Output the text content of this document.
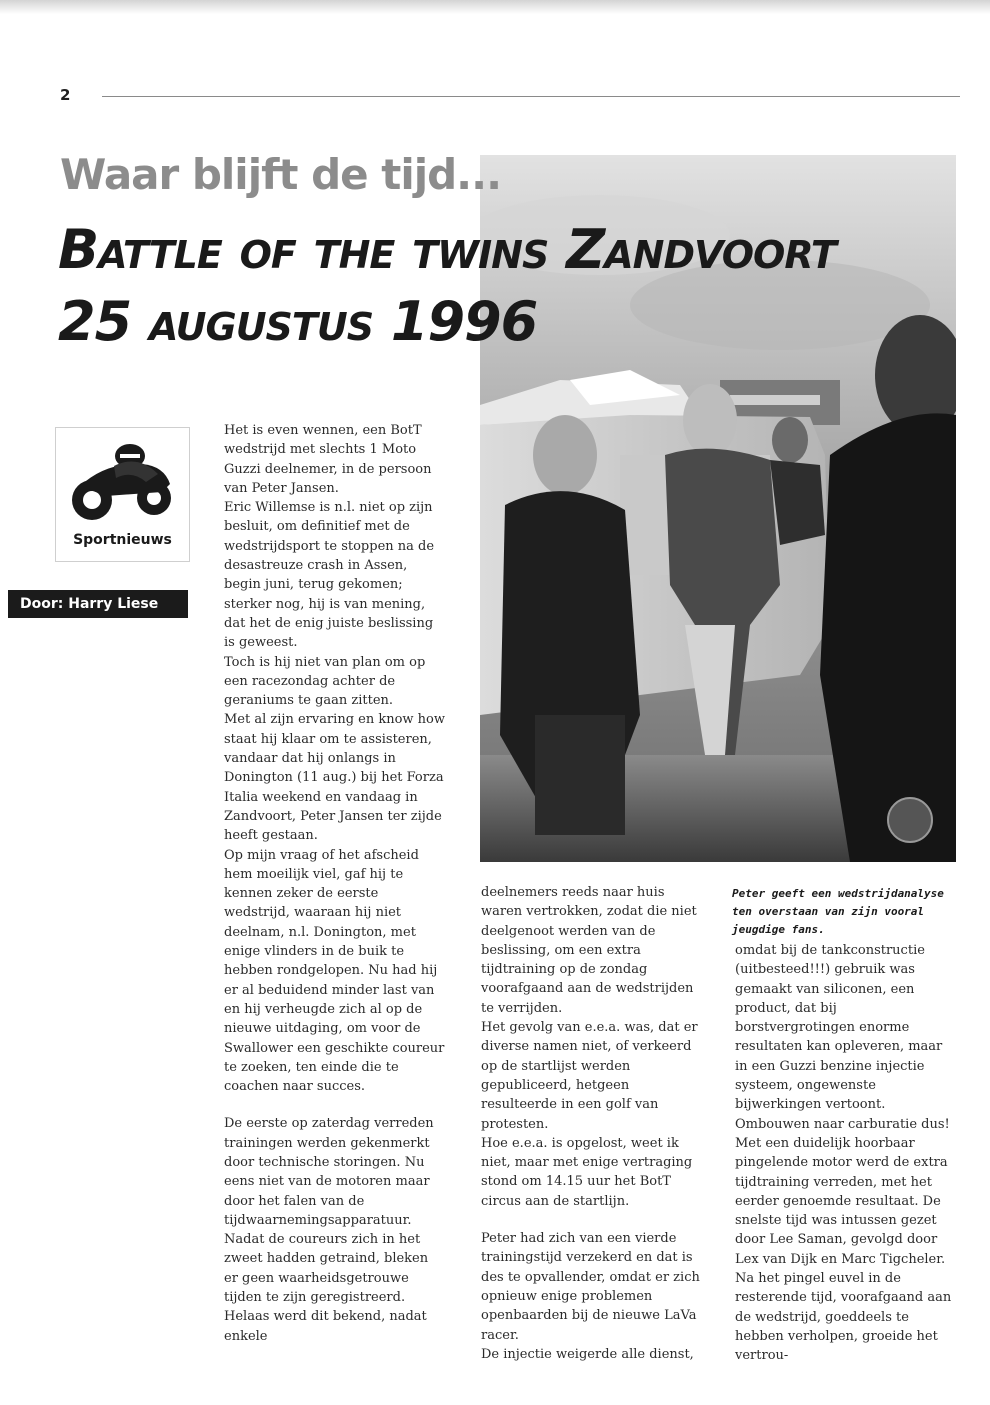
2
Waar blijft de tijd...
Battle of the twins Zandvoort
25 augustus 1996
Sportnieuws
Door: Harry Liese

Het is even wennen, een BotT wedstrijd met slechts 1 Moto Guzzi deelnemer, in de persoon van Peter Jansen.

Eric Willemse is n.l. niet op zijn besluit, om definitief met de wedstrijdsport te stoppen na de desastreuze crash in Assen, begin juni, terug gekomen; sterker nog, hij is van mening, dat het de enig juiste beslissing is geweest.

Toch is hij niet van plan om op een racezondag achter de geraniums te gaan zitten.

Met al zijn ervaring en know how staat hij klaar om te assisteren, vandaar dat hij onlangs in Donington (11 aug.) bij het Forza Italia weekend en vandaag in Zandvoort, Peter Jansen ter zijde heeft gestaan.

Op mijn vraag of het afscheid hem moeilijk viel, gaf hij te kennen zeker de eerste wedstrijd, waaraan hij niet deelnam, n.l. Donington, met enige vlinders in de buik te hebben rondgelopen. Nu had hij er al beduidend minder last van en hij verheugde zich al op de nieuwe uitdaging, om voor de Swallower een geschikte coureur te zoeken, ten einde die te coachen naar succes.

De eerste op zaterdag verreden trainingen werden gekenmerkt door technische storingen. Nu eens niet van de motoren maar door het falen van de tijdwaarnemingsapparatuur.

Nadat de coureurs zich in het zweet hadden getraind, bleken er geen waarheidsgetrouwe tijden te zijn geregistreerd. Helaas werd dit bekend, nadat enkele

deelnemers reeds naar huis waren vertrokken, zodat die niet deelgenoot werden van de beslissing, om een extra tijdtraining op de zondag voorafgaand aan de wedstrijden te verrijden.

Het gevolg van e.e.a. was, dat er diverse namen niet, of verkeerd op de startlijst werden gepubliceerd, hetgeen resulteerde in een golf van protesten.

Hoe e.e.a. is opgelost, weet ik niet, maar met enige vertraging stond om 14.15 uur het BotT circus aan de startlijn.

Peter had zich van een vierde trainingstijd verzekerd en dat is des te opvallender, omdat er zich opnieuw enige problemen openbaarden bij de nieuwe LaVa racer.

De injectie weigerde alle dienst,

Peter geeft een wedstrijdanalyse ten overstaan van zijn vooral jeugdige fans.

omdat bij de tankconstructie (uitbesteed!!!) gebruik was gemaakt van siliconen, een product, dat bij borstvergrotingen enorme resultaten kan opleveren, maar in een Guzzi benzine injectie systeem, ongewenste bijwerkingen vertoont.

Ombouwen naar carburatie dus!

Met een duidelijk hoorbaar pingelende motor werd de extra tijdtraining verreden, met het eerder genoemde resultaat. De snelste tijd was intussen gezet door Lee Saman, gevolgd door Lex van Dijk en Marc Tigcheler.

Na het pingel euvel in de resterende tijd, voorafgaand aan de wedstrijd, goeddeels te hebben verholpen, groeide het vertrou-
